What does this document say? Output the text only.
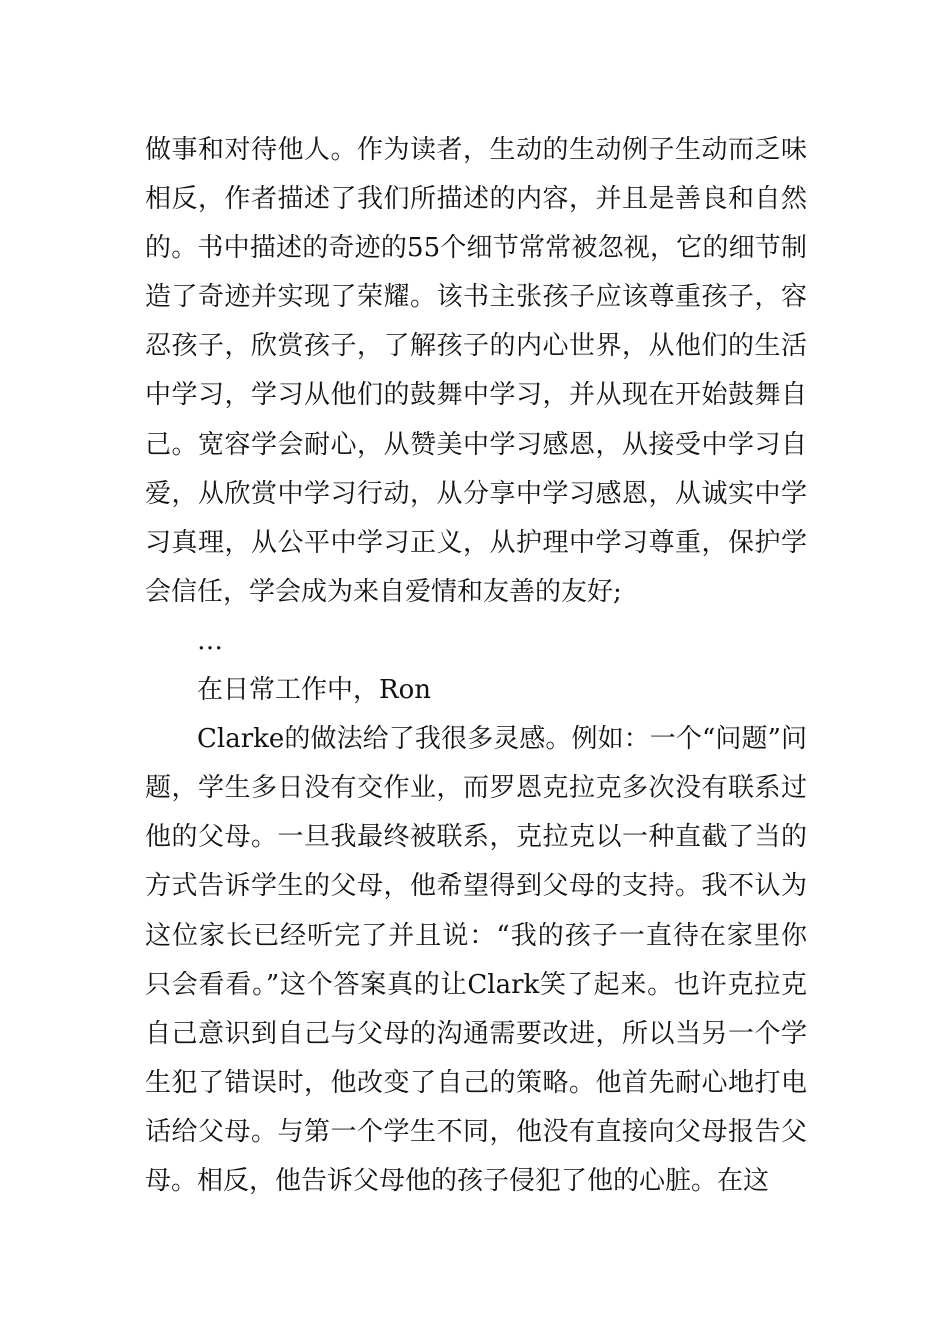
做事和对待他人。作为读者，生动的生动例子生动而乏味相反，作者描述了我们所描述的内容，并且是善良和自然的。书中描述的奇迹的55个细节常常被忽视，它的细节制造了奇迹并实现了荣耀。该书主张孩子应该尊重孩子，容忍孩子，欣赏孩子，了解孩子的内心世界，从他们的生活中学习，学习从他们的鼓舞中学习，并从现在开始鼓舞自己。宽容学会耐心，从赞美中学习感恩，从接受中学习自爱，从欣赏中学习行动，从分享中学习感恩，从诚实中学习真理，从公平中学习正义，从护理中学习尊重，保护学会信任，学会成为来自爱情和友善的友好;

…

在日常工作中，Ron

Clarke的做法给了我很多灵感。例如：一个“问题”问题，学生多日没有交作业，而罗恩克拉克多次没有联系过他的父母。一旦我最终被联系，克拉克以一种直截了当的方式告诉学生的父母，他希望得到父母的支持。我不认为这位家长已经听完了并且说：“我的孩子一直待在家里你只会看看。”这个答案真的让Clark笑了起来。也许克拉克自己意识到自己与父母的沟通需要改进，所以当另一个学生犯了错误时，他改变了自己的策略。他首先耐心地打电话给父母。与第一个学生不同，他没有直接向父母报告父母。相反，他告诉父母他的孩子侵犯了他的心脏。在这
